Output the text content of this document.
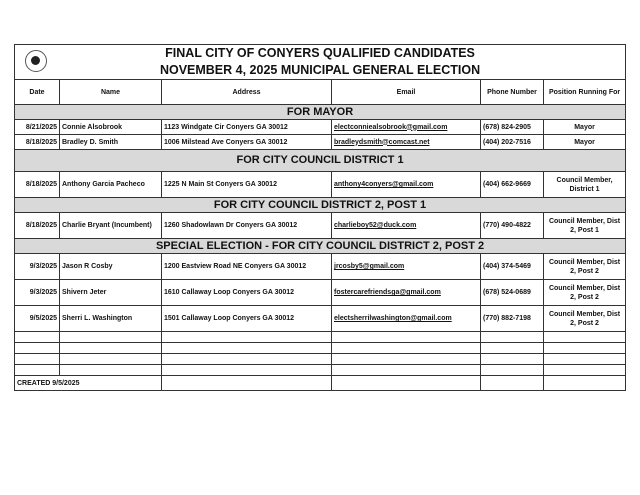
FINAL CITY OF CONYERS QUALIFIED CANDIDATES
NOVEMBER 4, 2025 MUNICIPAL GENERAL ELECTION					

Date	Name	Address	Email	Phone Number	Position Running For
FOR MAYOR					
8/21/2025	Connie Alsobrook	1123 Windgate Cir Conyers GA 30012	electconniealsobrook@gmail.com	(678) 824-2905	Mayor
8/18/2025	Bradley D. Smith	1006 Milstead Ave Conyers GA 30012	bradleydsmith@comcast.net	(404) 202-7516	Mayor
FOR CITY COUNCIL DISTRICT 1					
8/18/2025	Anthony Garcia Pacheco	1225 N Main St Conyers GA 30012	anthony4conyers@gmail.com	(404) 662-9669	Council Member, District 1
FOR CITY COUNCIL DISTRICT 2, POST 1					
8/18/2025	Charlie Bryant (Incumbent)	1260 Shadowlawn Dr Conyers GA 30012	charlieboy52@duck.com	(770) 490-4822	Council Member, Dist 2, Post 1
SPECIAL ELECTION - FOR CITY COUNCIL DISTRICT 2, POST 2					
9/3/2025	Jason R Cosby	1200 Eastview Road NE Conyers GA 30012	jrcosby5@gmail.com	(404) 374-5469	Council Member, Dist 2, Post 2
9/3/2025	Shivern Jeter	1610 Callaway Loop Conyers GA 30012	fostercarefriendsga@gmail.com	(678) 524-0689	Council Member, Dist 2, Post 2
9/5/2025	Sherri L. Washington	1501 Callaway Loop Conyers GA 30012	electsherrilwashington@gmail.com	(770) 882-7198	Council Member, Dist 2, Post 2

CREATED 9/5/2025					
